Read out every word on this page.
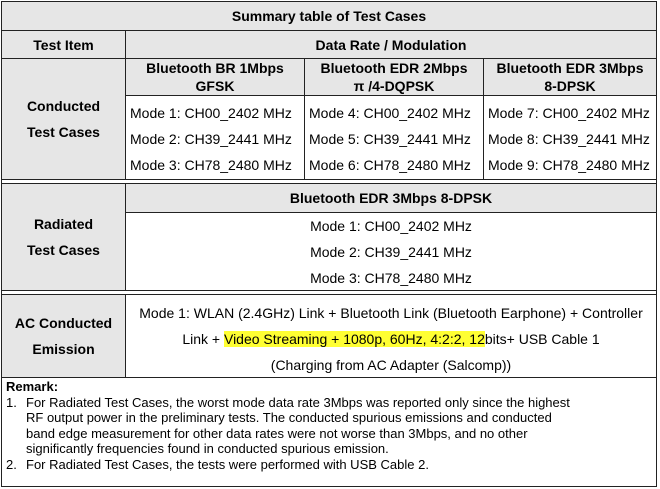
Summary table of Test Cases
Test Item	Data Rate / Modulation
Conducted
Test Cases
Bluetooth BR 1Mbps
GFSK
Bluetooth EDR 2Mbps
π /4-DQPSK
Bluetooth EDR 3Mbps
8-DPSK
Mode 1: CH00_2402 MHz
Mode 2: CH39_2441 MHz
Mode 3: CH78_2480 MHz
Mode 4: CH00_2402 MHz
Mode 5: CH39_2441 MHz
Mode 6: CH78_2480 MHz
Mode 7: CH00_2402 MHz
Mode 8: CH39_2441 MHz
Mode 9: CH78_2480 MHz
Radiated
Test Cases
Bluetooth EDR 3Mbps 8-DPSK
Mode 1: CH00_2402 MHz
Mode 2: CH39_2441 MHz
Mode 3: CH78_2480 MHz
AC Conducted
Emission
Mode 1: WLAN (2.4GHz) Link + Bluetooth Link (Bluetooth Earphone) + Controller
Link + Video Streaming + 1080p, 60Hz, 4:2:2, 12bits+ USB Cable 1
(Charging from AC Adapter (Salcomp))
Remark:
1. For Radiated Test Cases, the worst mode data rate 3Mbps was reported only since the highest
RF output power in the preliminary tests. The conducted spurious emissions and conducted
band edge measurement for other data rates were not worse than 3Mbps, and no other
significantly frequencies found in conducted spurious emission.
2. For Radiated Test Cases, the tests were performed with USB Cable 2.
